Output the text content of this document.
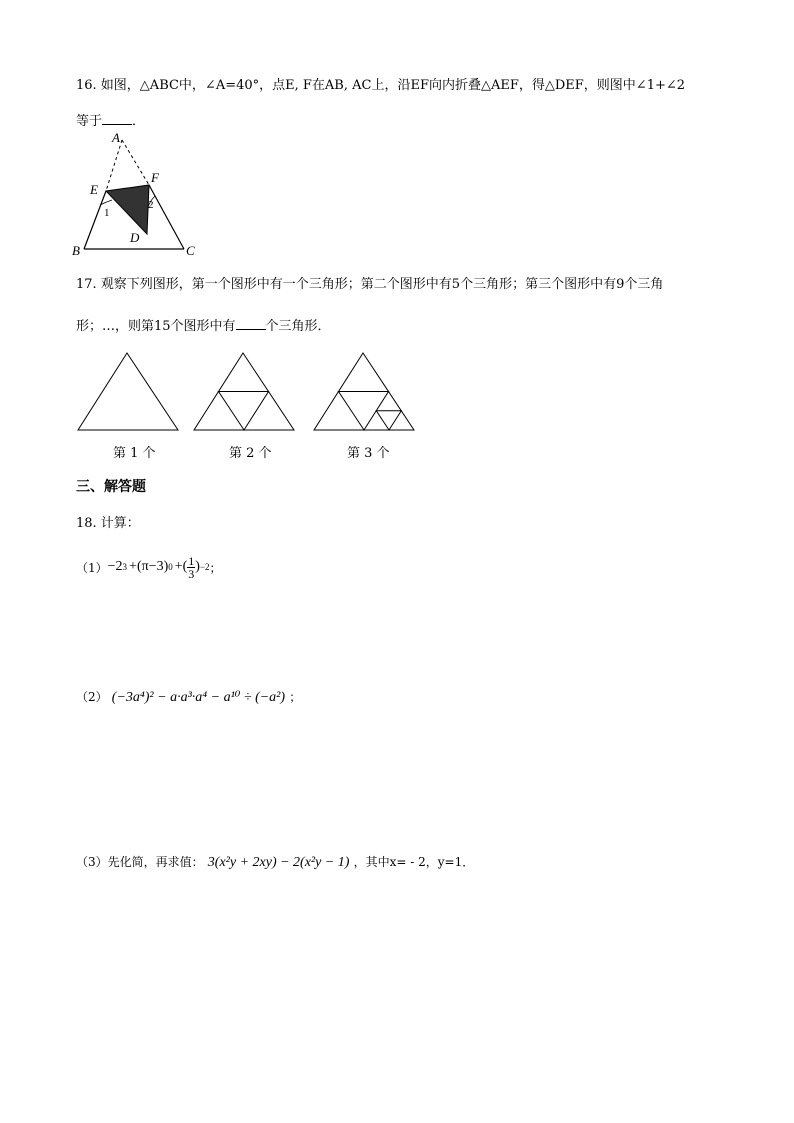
16. 如图，△ABC中，∠A=40°，点E, F在AB, AC上，沿EF向内折叠△AEF，得△DEF，则图中∠1+∠2
等于 ．
A
E
F
1
2
D
B	C
17. 观察下列图形，第一个图形中有一个三角形；第二个图形中有5个三角形；第三个图形中有9个三角
形；…，则第15个图形中有 个三角形．
第 1 个	第 2 个	第 3 个
三、解答题
18. 计算：
（1） −2 3 +(π−3) 0 +( $\frac{1}{3}$ ) −2 ；
（2） (−3a⁴)² − a·a³·a⁴ − a¹⁰ ÷ (−a²) ；
（3）先化简，再求值： 3(x²y + 2xy) − 2(x²y − 1) ，其中x= - 2，y=1．
